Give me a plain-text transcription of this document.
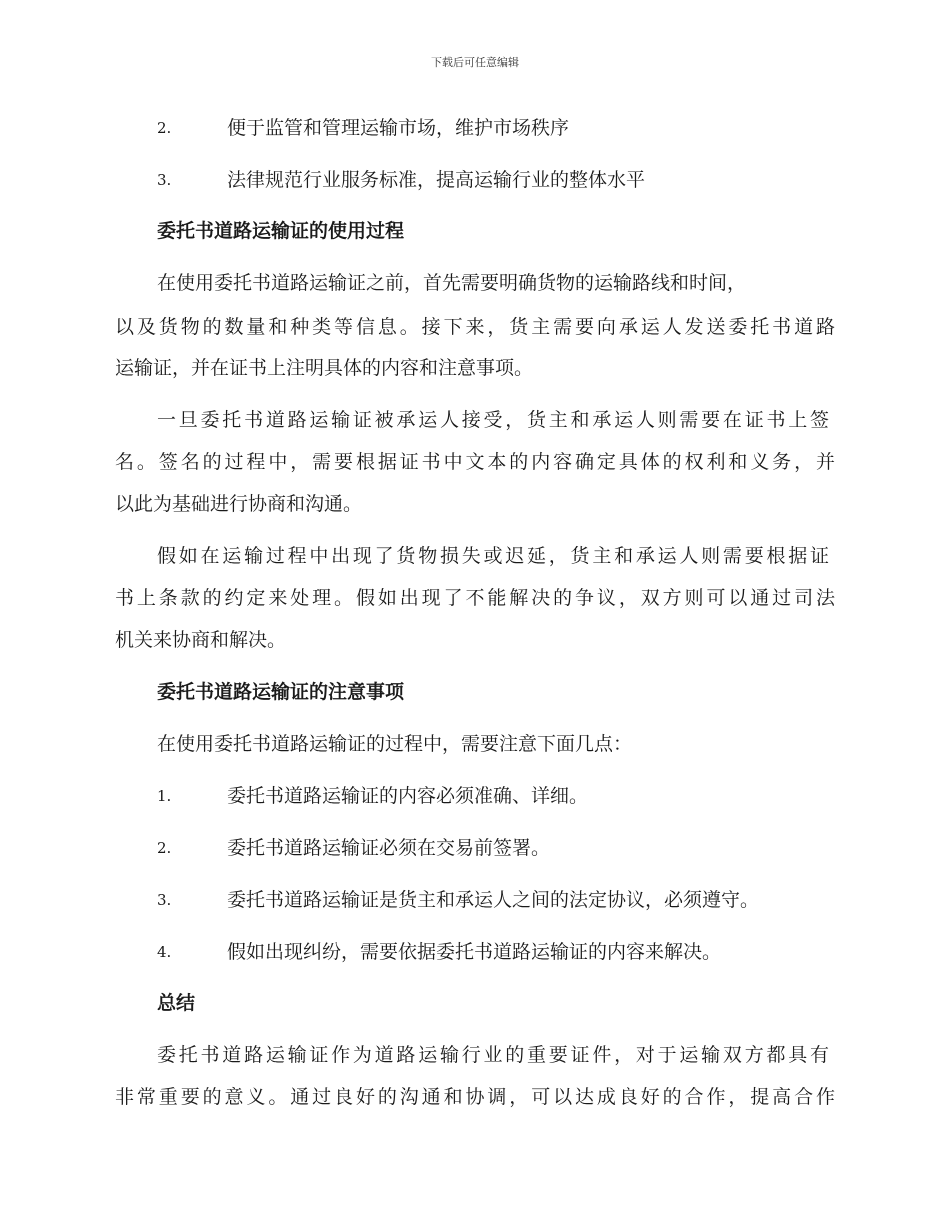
下载后可任意编辑
2.	便于监管和管理运输市场，维护市场秩序
3.	法律规范行业服务标准，提高运输行业的整体水平
委托书道路运输证的使用过程
在使用委托书道路运输证之前，首先需要明确货物的运输路线和时间，
以及货物的数量和种类等信息。接下来，货主需要向承运人发送委托书道路
运输证，并在证书上注明具体的内容和注意事项。
一旦委托书道路运输证被承运人接受，货主和承运人则需要在证书上签
名。签名的过程中，需要根据证书中文本的内容确定具体的权利和义务，并
以此为基础进行协商和沟通。
假如在运输过程中出现了货物损失或迟延，货主和承运人则需要根据证
书上条款的约定来处理。假如出现了不能解决的争议，双方则可以通过司法
机关来协商和解决。
委托书道路运输证的注意事项
在使用委托书道路运输证的过程中，需要注意下面几点：
1.	委托书道路运输证的内容必须准确、详细。
2.	委托书道路运输证必须在交易前签署。
3.	委托书道路运输证是货主和承运人之间的法定协议，必须遵守。
4.	假如出现纠纷，需要依据委托书道路运输证的内容来解决。
总结
委托书道路运输证作为道路运输行业的重要证件，对于运输双方都具有
非常重要的意义。通过良好的沟通和协调，可以达成良好的合作，提高合作
